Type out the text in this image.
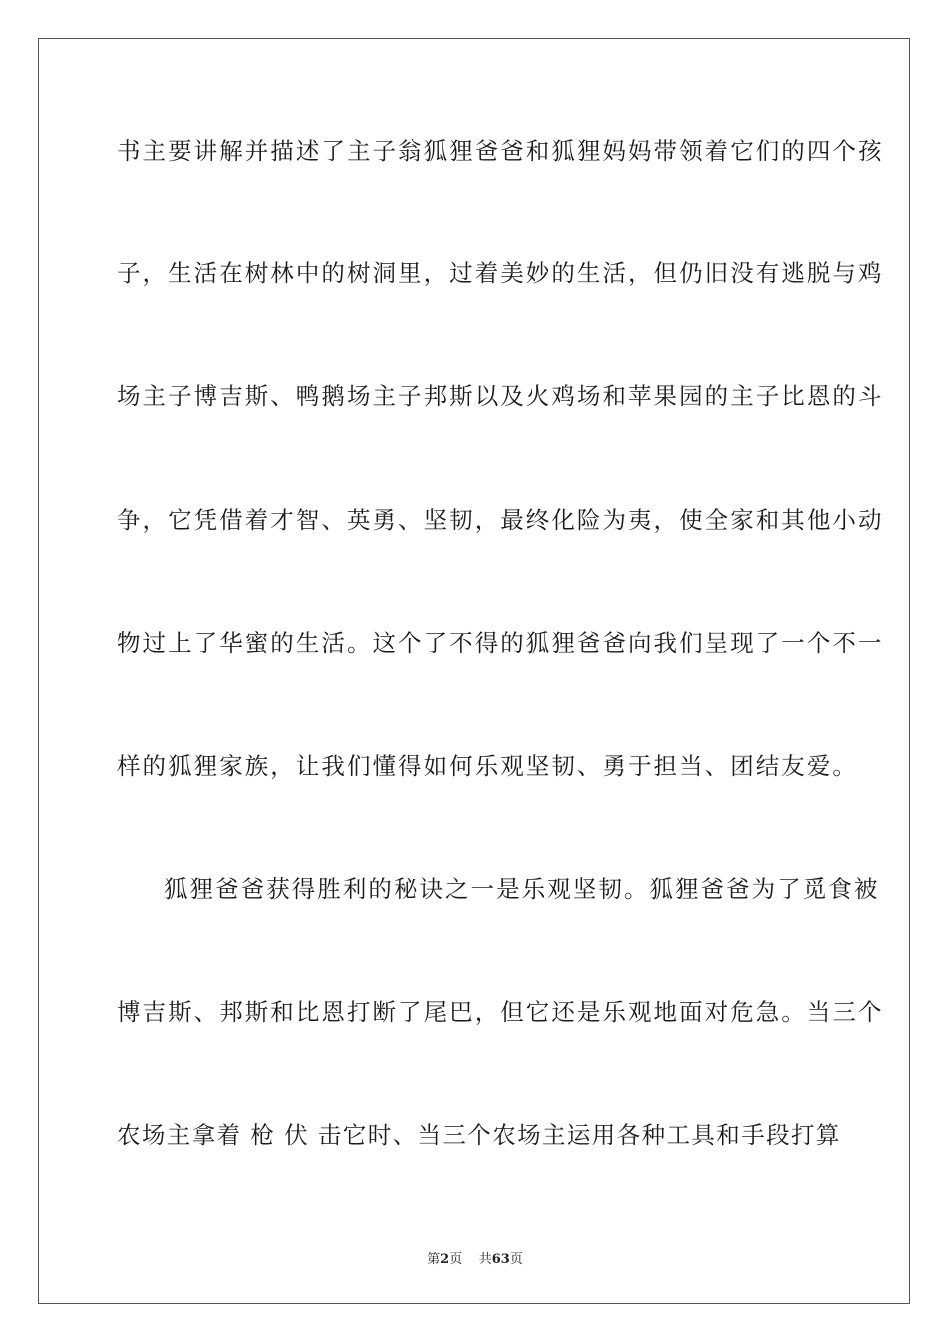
书主要讲解并描述了主子翁狐狸爸爸和狐狸妈妈带领着它们的四个孩
子，生活在树林中的树洞里，过着美妙的生活，但仍旧没有逃脱与鸡
场主子博吉斯、鸭鹅场主子邦斯以及火鸡场和苹果园的主子比恩的斗
争，它凭借着才智、英勇、坚韧，最终化险为夷，使全家和其他小动
物过上了华蜜的生活。这个了不得的狐狸爸爸向我们呈现了一个不一
样的狐狸家族，让我们懂得如何乐观坚韧、勇于担当、团结友爱。
狐狸爸爸获得胜利的秘诀之一是乐观坚韧。狐狸爸爸为了觅食被
博吉斯、邦斯和比恩打断了尾巴，但它还是乐观地面对危急。当三个
农场主拿着 枪 伏 击它时、当三个农场主运用各种工具和手段打算
第2页 共63页
